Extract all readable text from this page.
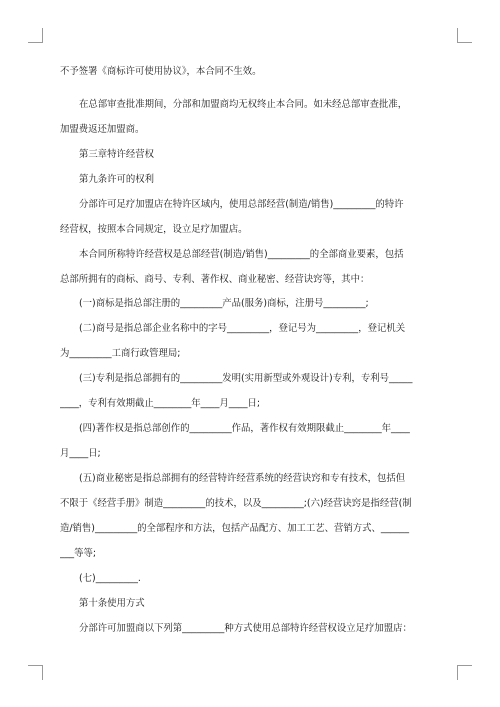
不予签署《商标许可使用协议》，本合同不生效。
在总部审查批准期间，分部和加盟商均无权终止本合同。如未经总部审查批准，
加盟费返还加盟商。
第三章特许经营权
第九条许可的权利
分部许可足疗加盟店在特许区域内，使用总部经营(制造/销售)_________的特许
经营权，按照本合同规定，设立足疗加盟店。
本合同所称特许经营权是总部经营(制造/销售)_________的全部商业要素，包括
总部所拥有的商标、商号、专利、著作权、商业秘密、经营诀窍等，其中：
(一)商标是指总部注册的_________产品(服务)商标，注册号_________;
(二)商号是指总部企业名称中的字号_________，登记号为_________，登记机关
为_________工商行政管理局;
(三)专利是指总部拥有的_________发明(实用新型或外观设计)专利，专利号_____
____，专利有效期截止________年____月____日;
(四)著作权是指总部创作的_________作品，著作权有效期限截止________年____
月____日;
(五)商业秘密是指总部拥有的经营特许经营系统的经营诀窍和专有技术，包括但
不限于《经营手册》制造_________的技术，以及_________;(六)经营诀窍是指经营(制
造/销售)_________的全部程序和方法，包括产品配方、加工工艺、营销方式、______
___等等;
(七)_________.
第十条使用方式
分部许可加盟商以下列第_________种方式使用总部特许经营权设立足疗加盟店：
